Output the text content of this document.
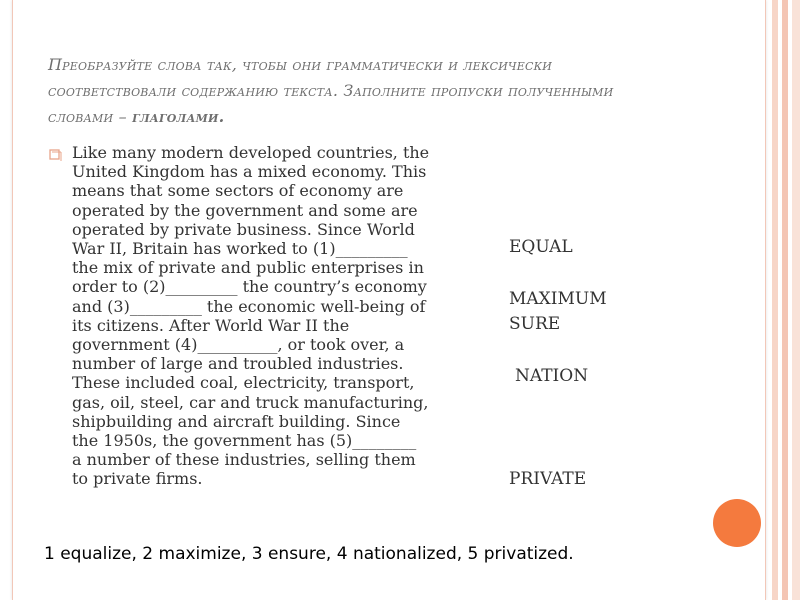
Преобразуйте слова так, чтобы они грамматически и лексически соответствовали содержанию текста. Заполните пропуски полученными словами – глаголами.
Like many modern developed countries, the
United Kingdom has a mixed economy. This
means that some sectors of economy are
operated by the government and some are
operated by private business. Since World
War II, Britain has worked to (1)_________
the mix of private and public enterprises in
order to (2)_________ the country’s economy
and (3)_________ the economic well-being of
its citizens. After World War II the
government (4)__________, or took over, a
number of large and troubled industries.
These included coal, electricity, transport,
gas, oil, steel, car and truck manufacturing,
shipbuilding and aircraft building. Since
the 1950s, the government has (5)________
a number of these industries, selling them
to private firms.
EQUAL
MAXIMUM
SURE
NATION
PRIVATE
1 equalize, 2 maximize, 3 ensure, 4 nationalized, 5 privatized.
